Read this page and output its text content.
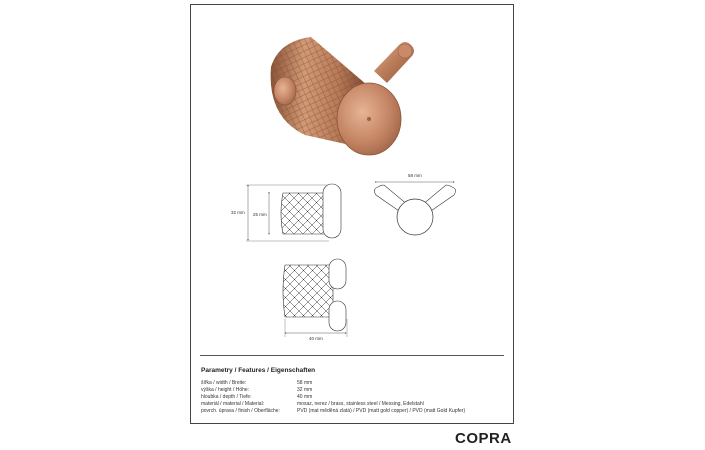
32 mm 25 mm
58 mm
40 mm
Parametry / Features / Eigenschaften
šířka / width / Breite:	58 mm
výška / height / Höhe:	32 mm
hloubka / depth / Tiefe:	40 mm
materiál / material / Material:	mosaz, nerez / brass, stainless steel / Messing, Edelstahl
povrch. úprava / finish / Oberfläche:	PVD (mat měděná zlatá) / PVD (matt gold copper) / PVD (matt Gold Kupfer)
COPRA
